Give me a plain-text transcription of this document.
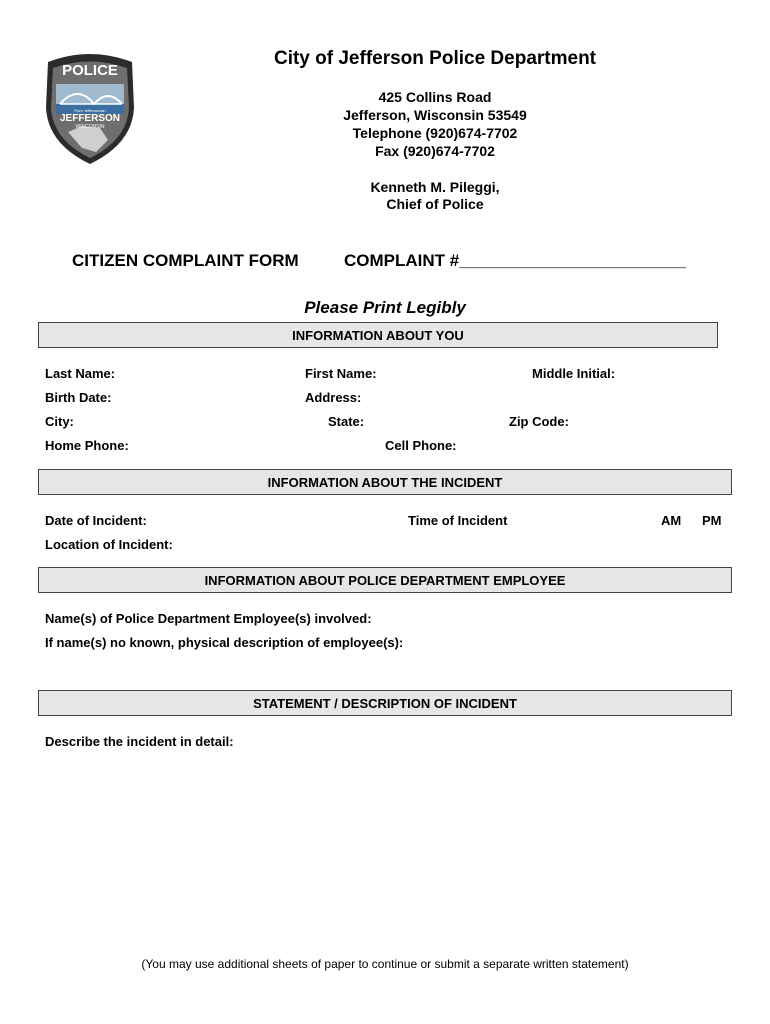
POLICE
Pure Jeffersonian
JEFFERSON
WISCONSIN
City of Jefferson Police Department
425 Collins Road
Jefferson, Wisconsin 53549
Telephone (920)674-7702
Fax (920)674-7702
Kenneth M. Pileggi,
Chief of Police
CITIZEN COMPLAINT FORM	COMPLAINT #________________________
Please Print Legibly
INFORMATION ABOUT YOU
Last Name:	First Name:	Middle Initial:
Birth Date:	Address:
City:	State:	Zip Code:
Home Phone:	Cell Phone:
INFORMATION ABOUT THE INCIDENT
Date of Incident:	Time of Incident	AM PM
Location of Incident:
INFORMATION ABOUT POLICE DEPARTMENT EMPLOYEE
Name(s) of Police Department Employee(s) involved:
If name(s) no known, physical description of employee(s):
STATEMENT / DESCRIPTION OF INCIDENT
Describe the incident in detail:
(You may use additional sheets of paper to continue or submit a separate written statement)
